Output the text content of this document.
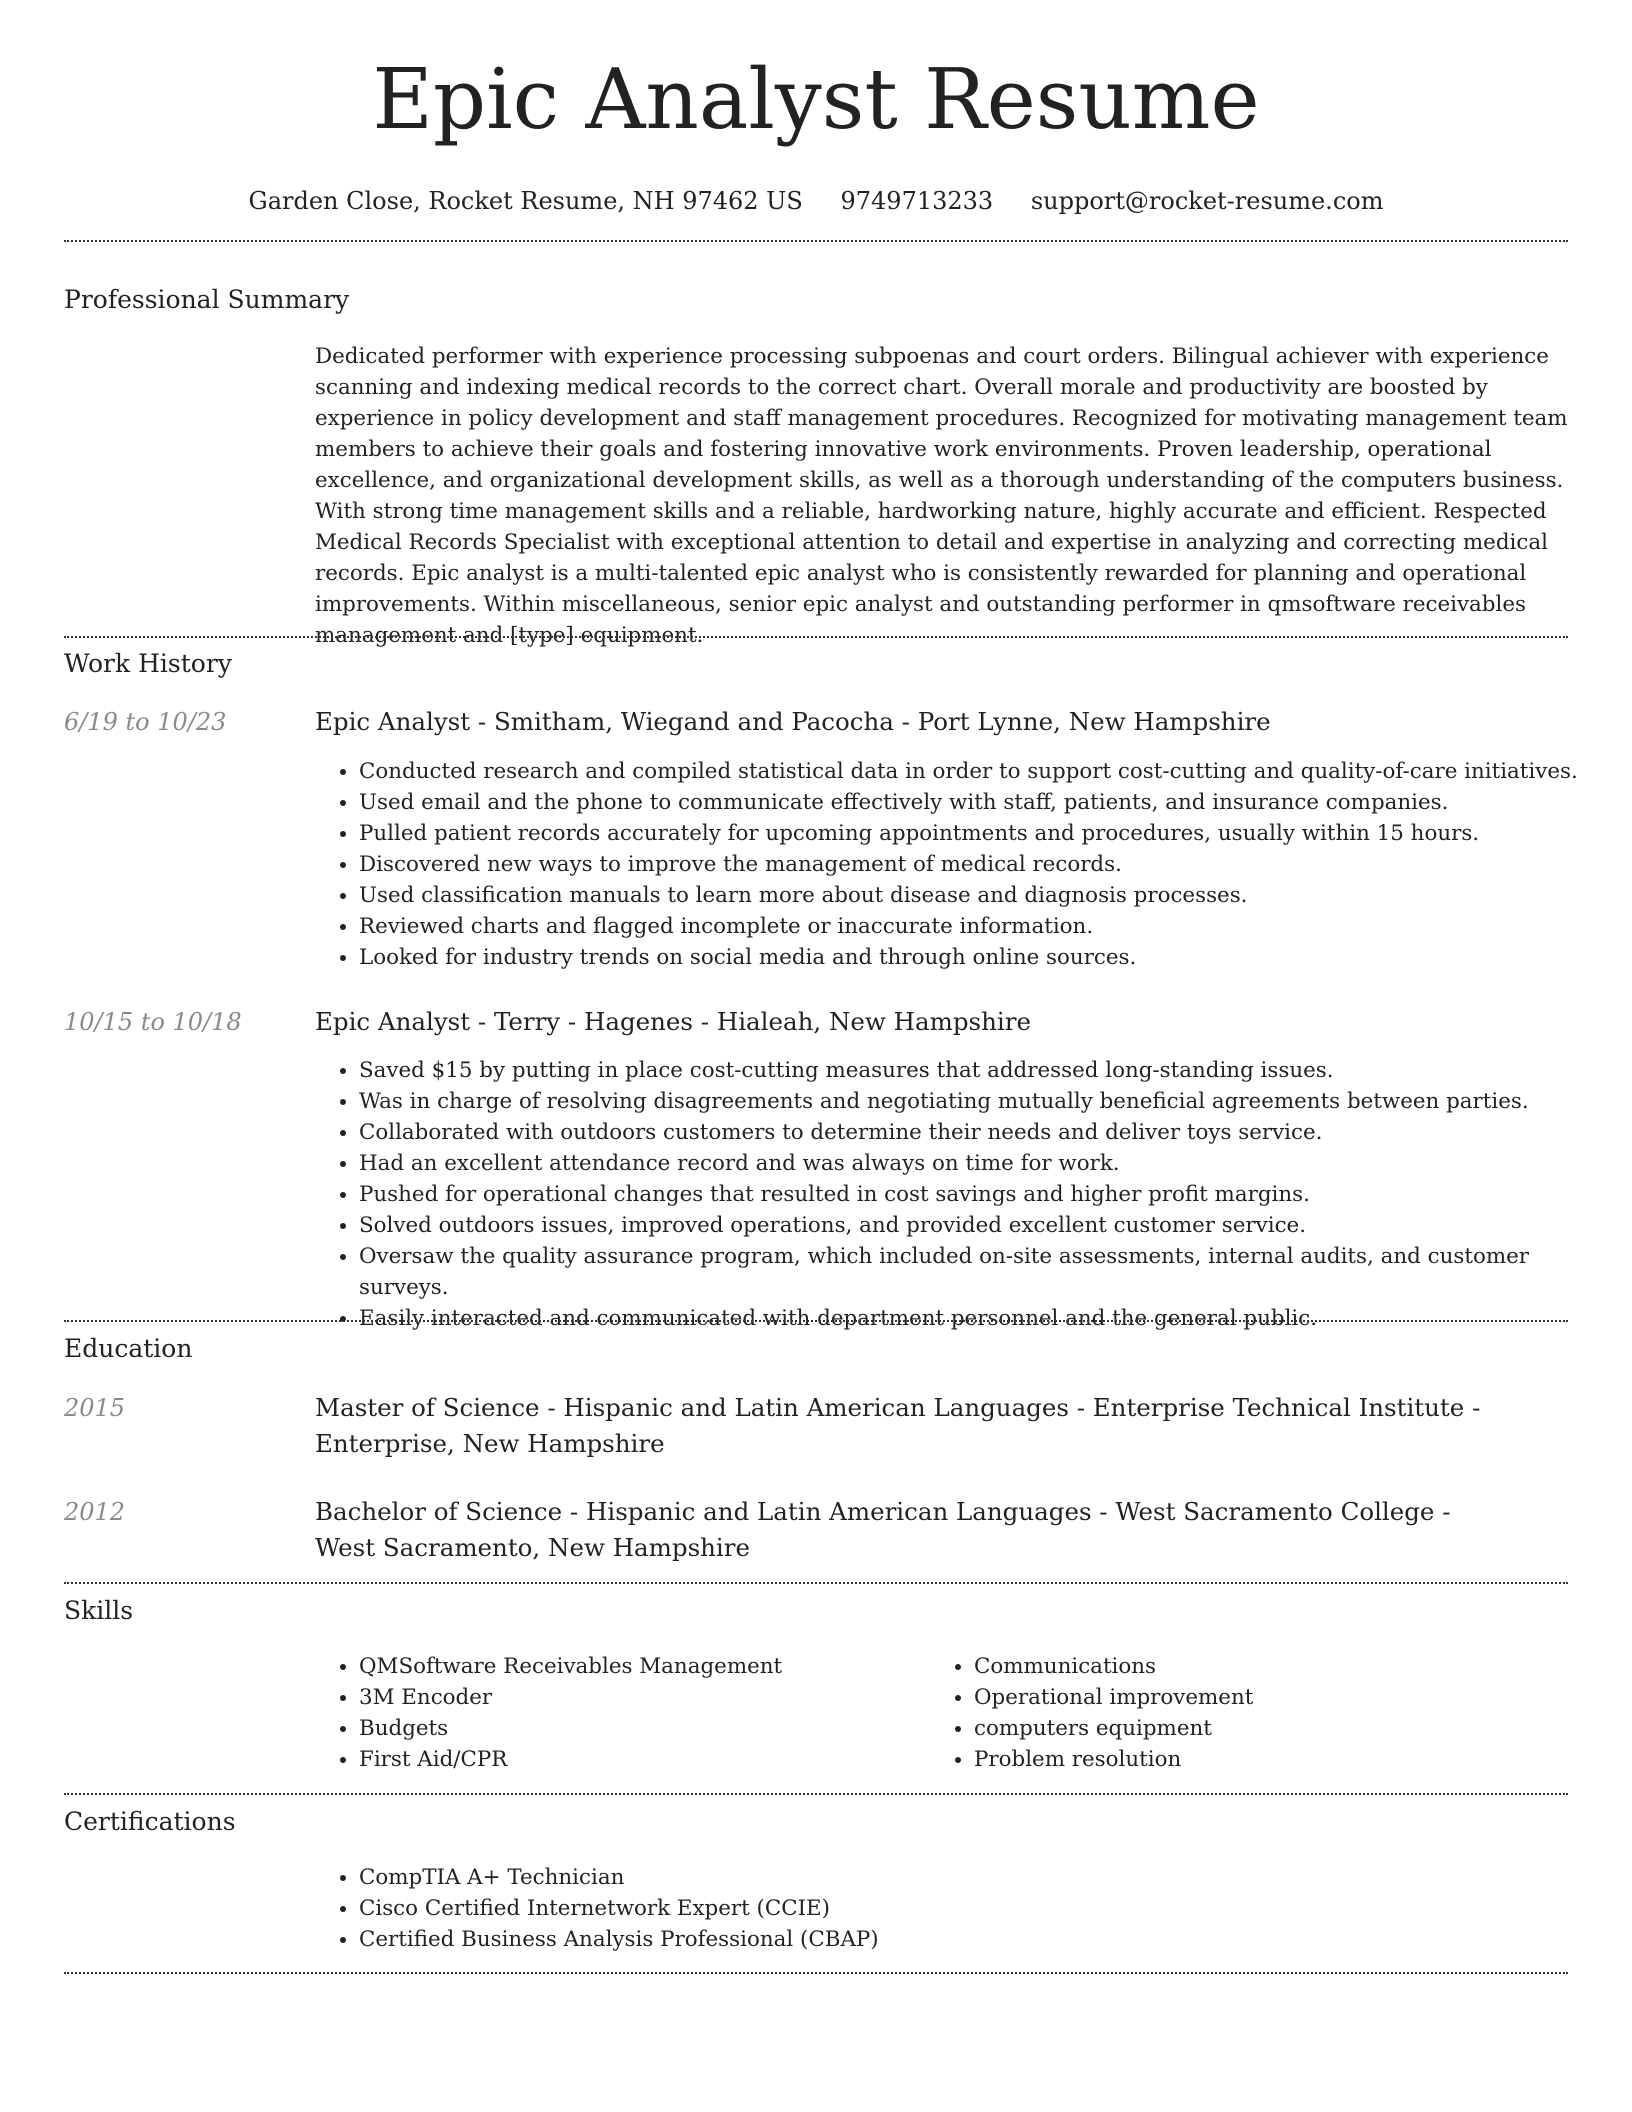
Epic Analyst Resume
Garden Close, Rocket Resume, NH 97462 US 9749713233 support@rocket-resume.com
Professional Summary
Dedicated performer with experience processing subpoenas and court orders. Bilingual achiever with experience scanning and indexing medical records to the correct chart. Overall morale and productivity are boosted by experience in policy development and staff management procedures. Recognized for motivating management team members to achieve their goals and fostering innovative work environments. Proven leadership, operational excellence, and organizational development skills, as well as a thorough understanding of the computers business. With strong time management skills and a reliable, hardworking nature, highly accurate and efficient. Respected Medical Records Specialist with exceptional attention to detail and expertise in analyzing and correcting medical records. Epic analyst is a multi-talented epic analyst who is consistently rewarded for planning and operational improvements. Within miscellaneous, senior epic analyst and outstanding performer in qmsoftware receivables management and [type] equipment.
Work History
6/19 to 10/23	Epic Analyst - Smitham, Wiegand and Pacocha - Port Lynne, New Hampshire
• Conducted research and compiled statistical data in order to support cost-cutting and quality-of-care initiatives.
• Used email and the phone to communicate effectively with staff, patients, and insurance companies.
• Pulled patient records accurately for upcoming appointments and procedures, usually within 15 hours.
• Discovered new ways to improve the management of medical records.
• Used classification manuals to learn more about disease and diagnosis processes.
• Reviewed charts and flagged incomplete or inaccurate information.
• Looked for industry trends on social media and through online sources.
10/15 to 10/18	Epic Analyst - Terry - Hagenes - Hialeah, New Hampshire
• Saved $15 by putting in place cost-cutting measures that addressed long-standing issues.
• Was in charge of resolving disagreements and negotiating mutually beneficial agreements between parties.
• Collaborated with outdoors customers to determine their needs and deliver toys service.
• Had an excellent attendance record and was always on time for work.
• Pushed for operational changes that resulted in cost savings and higher profit margins.
• Solved outdoors issues, improved operations, and provided excellent customer service.
• Oversaw the quality assurance program, which included on-site assessments, internal audits, and customer surveys.
• Easily interacted and communicated with department personnel and the general public.
Education
2015	Master of Science - Hispanic and Latin American Languages - Enterprise Technical Institute - Enterprise, New Hampshire
2012	Bachelor of Science - Hispanic and Latin American Languages - West Sacramento College - West Sacramento, New Hampshire
Skills
• QMSoftware Receivables Management
• 3M Encoder
• Budgets
• First Aid/CPR
• Communications
• Operational improvement
• computers equipment
• Problem resolution
Certifications
• CompTIA A+ Technician
• Cisco Certified Internetwork Expert (CCIE)
• Certified Business Analysis Professional (CBAP)
